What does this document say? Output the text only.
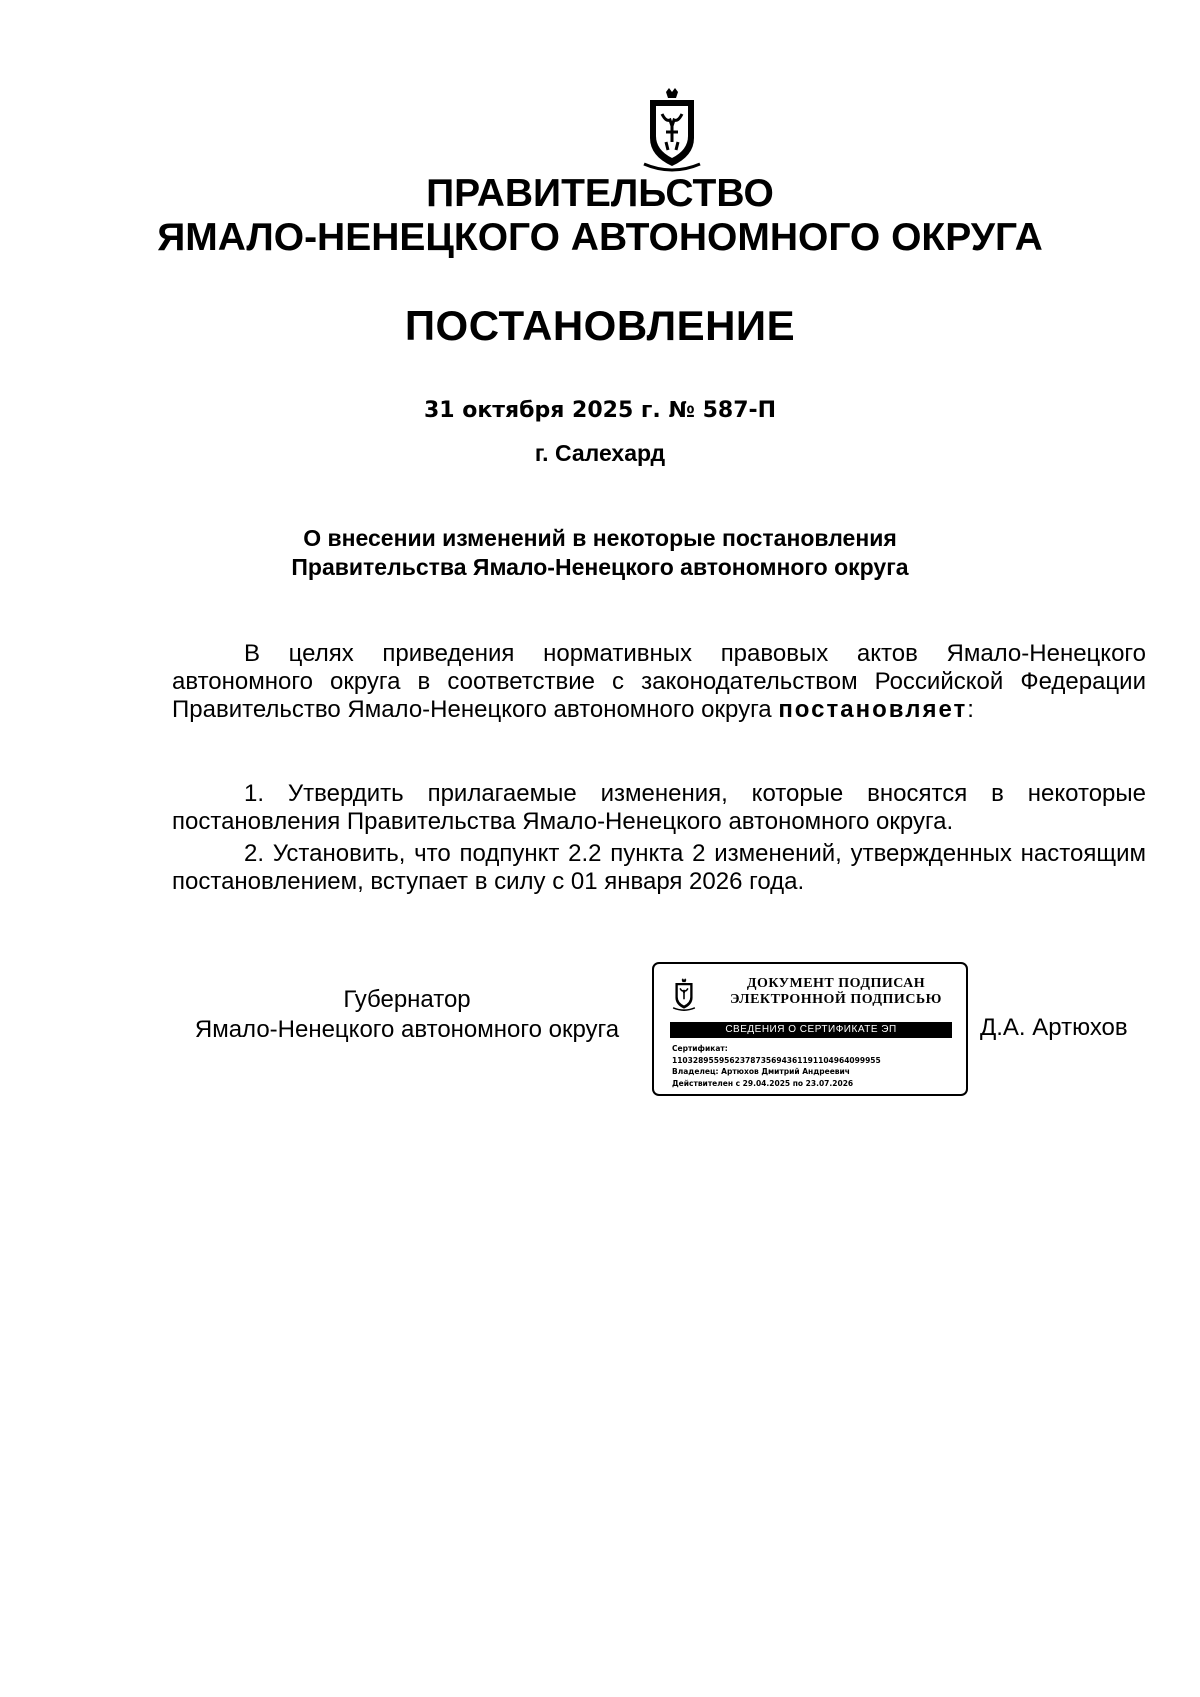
ПРАВИТЕЛЬСТВО
ЯМАЛО-НЕНЕЦКОГО АВТОНОМНОГО ОКРУГА
ПОСТАНОВЛЕНИЕ
31 октября 2025 г. № 587-П
г. Салехард
О внесении изменений в некоторые постановления
Правительства Ямало-Ненецкого автономного округа

В целях приведения нормативных правовых актов Ямало-Ненецкого автономного округа в соответствие с законодательством Российской Федерации Правительство Ямало-Ненецкого автономного округа постановляет:

1. Утвердить прилагаемые изменения, которые вносятся в некоторые постановления Правительства Ямало-Ненецкого автономного округа.

2. Установить, что подпункт 2.2 пункта 2 изменений, утвержденных настоящим постановлением, вступает в силу с 01 января 2026 года.

Губернатор
Ямало-Ненецкого автономного округа
ДОКУМЕНТ ПОДПИСАН
ЭЛЕКТРОННОЙ ПОДПИСЬЮ
СВЕДЕНИЯ О СЕРТИФИКАТЕ ЭП
Сертификат:
1103289559562378735694361191104964099955
Владелец: Артюхов Дмитрий Андреевич
Действителен с 29.04.2025 по 23.07.2026
Д.А. Артюхов
